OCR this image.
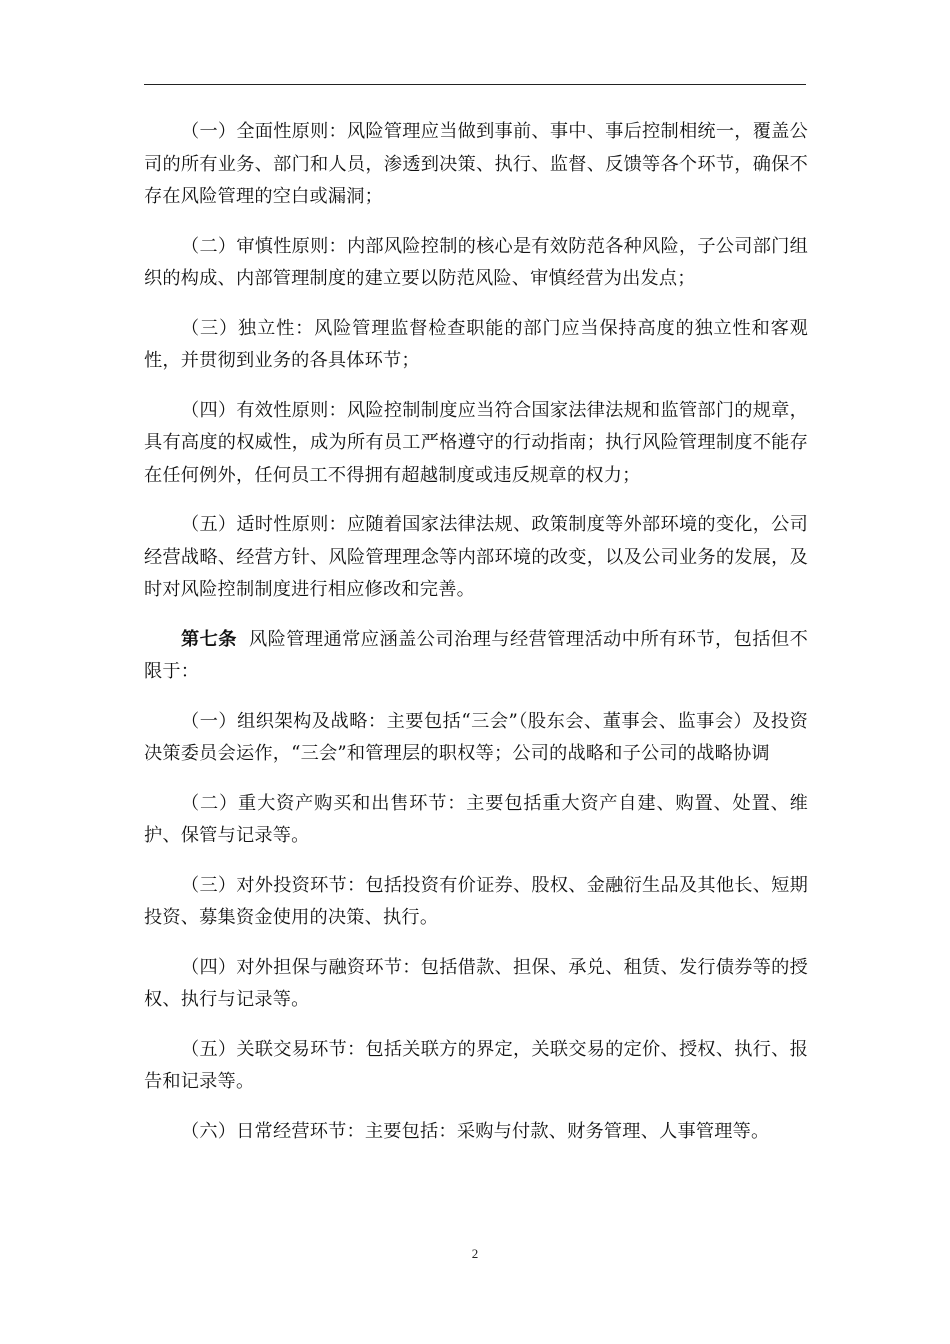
（一）全面性原则：风险管理应当做到事前、事中、事后控制相统一，覆盖公司的所有业务、部门和人员，渗透到决策、执行、监督、反馈等各个环节，确保不存在风险管理的空白或漏洞；

（二）审慎性原则：内部风险控制的核心是有效防范各种风险，子公司部门组织的构成、内部管理制度的建立要以防范风险、审慎经营为出发点；

（三）独立性：风险管理监督检查职能的部门应当保持高度的独立性和客观性，并贯彻到业务的各具体环节；

（四）有效性原则：风险控制制度应当符合国家法律法规和监管部门的规章，具有高度的权威性，成为所有员工严格遵守的行动指南；执行风险管理制度不能存在任何例外，任何员工不得拥有超越制度或违反规章的权力；

（五）适时性原则：应随着国家法律法规、政策制度等外部环境的变化，公司经营战略、经营方针、风险管理理念等内部环境的改变，以及公司业务的发展，及时对风险控制制度进行相应修改和完善。

第七条 风险管理通常应涵盖公司治理与经营管理活动中所有环节，包括但不限于：

（一）组织架构及战略：主要包括“三会”（股东会、董事会、监事会）及投资决策委员会运作，“三会”和管理层的职权等；公司的战略和子公司的战略协调

（二）重大资产购买和出售环节：主要包括重大资产自建、购置、处置、维护、保管与记录等。

（三）对外投资环节：包括投资有价证券、股权、金融衍生品及其他长、短期投资、募集资金使用的决策、执行。

（四）对外担保与融资环节：包括借款、担保、承兑、租赁、发行债券等的授权、执行与记录等。

（五）关联交易环节：包括关联方的界定，关联交易的定价、授权、执行、报告和记录等。

（六）日常经营环节：主要包括：采购与付款、财务管理、人事管理等。

2
